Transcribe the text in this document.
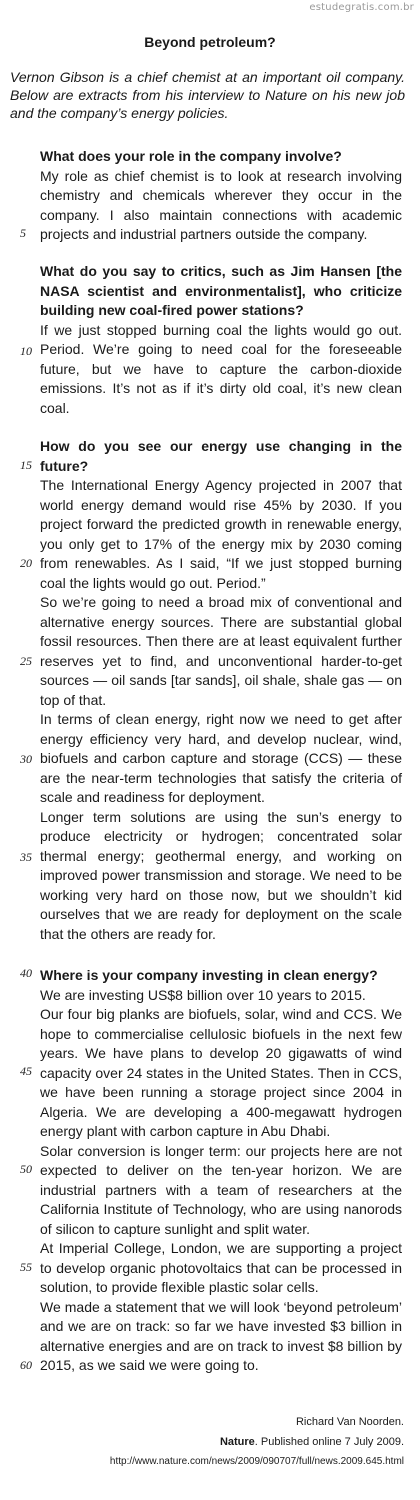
estudegratis.com.br
Beyond petroleum?
Vernon Gibson is a chief chemist at an important oil company. Below are extracts from his interview to Nature on his new job and the company’s energy policies.

What does your role in the company involve?

My role as chief chemist is to look at research involving chemistry and chemicals wherever they occur in the company. I also maintain connections with academic projects and industrial partners outside the company.

What do you say to critics, such as Jim Hansen [the NASA scientist and environmentalist], who criticize building new coal-fired power stations?

If we just stopped burning coal the lights would go out. Period. We’re going to need coal for the foreseeable future, but we have to capture the carbon-dioxide emissions. It’s not as if it’s dirty old coal, it’s new clean coal.

How do you see our energy use changing in the future?

The International Energy Agency projected in 2007 that world energy demand would rise 45% by 2030. If you project forward the predicted growth in renewable energy, you only get to 17% of the energy mix by 2030 coming from renewables. As I said, “If we just stopped burning coal the lights would go out. Period.”

So we’re going to need a broad mix of conventional and alternative energy sources. There are substantial global fossil resources. Then there are at least equivalent further reserves yet to find, and unconventional harder-to-get sources — oil sands [tar sands], oil shale, shale gas — on top of that.

In terms of clean energy, right now we need to get after energy efficiency very hard, and develop nuclear, wind, biofuels and carbon capture and storage (CCS) — these are the near-term technologies that satisfy the criteria of scale and readiness for deployment.

Longer term solutions are using the sun’s energy to produce electricity or hydrogen; concentrated solar thermal energy; geothermal energy, and working on improved power transmission and storage. We need to be working very hard on those now, but we shouldn’t kid ourselves that we are ready for deployment on the scale that the others are ready for.

Where is your company investing in clean energy?

We are investing US$8 billion over 10 years to 2015.

Our four big planks are biofuels, solar, wind and CCS. We hope to commercialise cellulosic biofuels in the next few years. We have plans to develop 20 gigawatts of wind capacity over 24 states in the United States. Then in CCS, we have been running a storage project since 2004 in Algeria. We are developing a 400-megawatt hydrogen energy plant with carbon capture in Abu Dhabi.

Solar conversion is longer term: our projects here are not expected to deliver on the ten-year horizon. We are industrial partners with a team of researchers at the California Institute of Technology, who are using nanorods of silicon to capture sunlight and split water.

At Imperial College, London, we are supporting a project to develop organic photovoltaics that can be processed in solution, to provide flexible plastic solar cells.

We made a statement that we will look ‘beyond petroleum’ and we are on track: so far we have invested $3 billion in alternative energies and are on track to invest $8 billion by 2015, as we said we were going to.

5
10
15
20
25
30
35
40
45
50
55
60
Richard Van Noorden.
Nature. Published online 7 July 2009.
http://www.nature.com/news/2009/090707/full/news.2009.645.html
